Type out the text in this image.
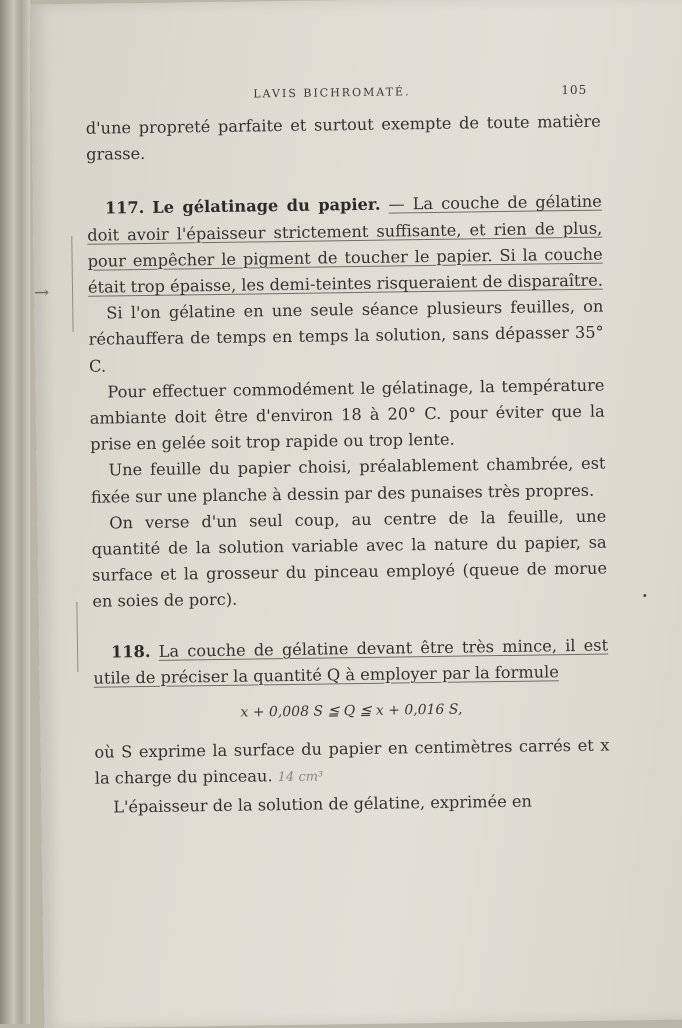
LAVIS BICHROMATÉ.	105
→

d'une propreté parfaite et surtout exempte de toute matière grasse.

117. Le gélatinage du papier. — La couche de gélatine doit avoir l'épaisseur strictement suffisante, et rien de plus, pour empêcher le pigment de toucher le papier. Si la couche était trop épaisse, les demi-teintes risqueraient de disparaître.

Si l'on gélatine en une seule séance plusieurs feuilles, on réchauffera de temps en temps la solution, sans dépasser 35° C.

Pour effectuer commodément le gélatinage, la température ambiante doit être d'environ 18 à 20° C. pour éviter que la prise en gelée soit trop rapide ou trop lente.

Une feuille du papier choisi, préalablement chambrée, est fixée sur une planche à dessin par des punaises très propres.

On verse d'un seul coup, au centre de la feuille, une quantité de la solution variable avec la nature du papier, sa surface et la grosseur du pinceau employé (queue de morue en soies de porc).

118. La couche de gélatine devant être très mince, il est utile de préciser la quantité Q à employer par la formule

x + 0,008 S ≦ Q ≦ x + 0,016 S,

où S exprime la surface du papier en centimètres carrés et x la charge du pinceau. 14 cm³

L'épaisseur de la solution de gélatine, exprimée en
